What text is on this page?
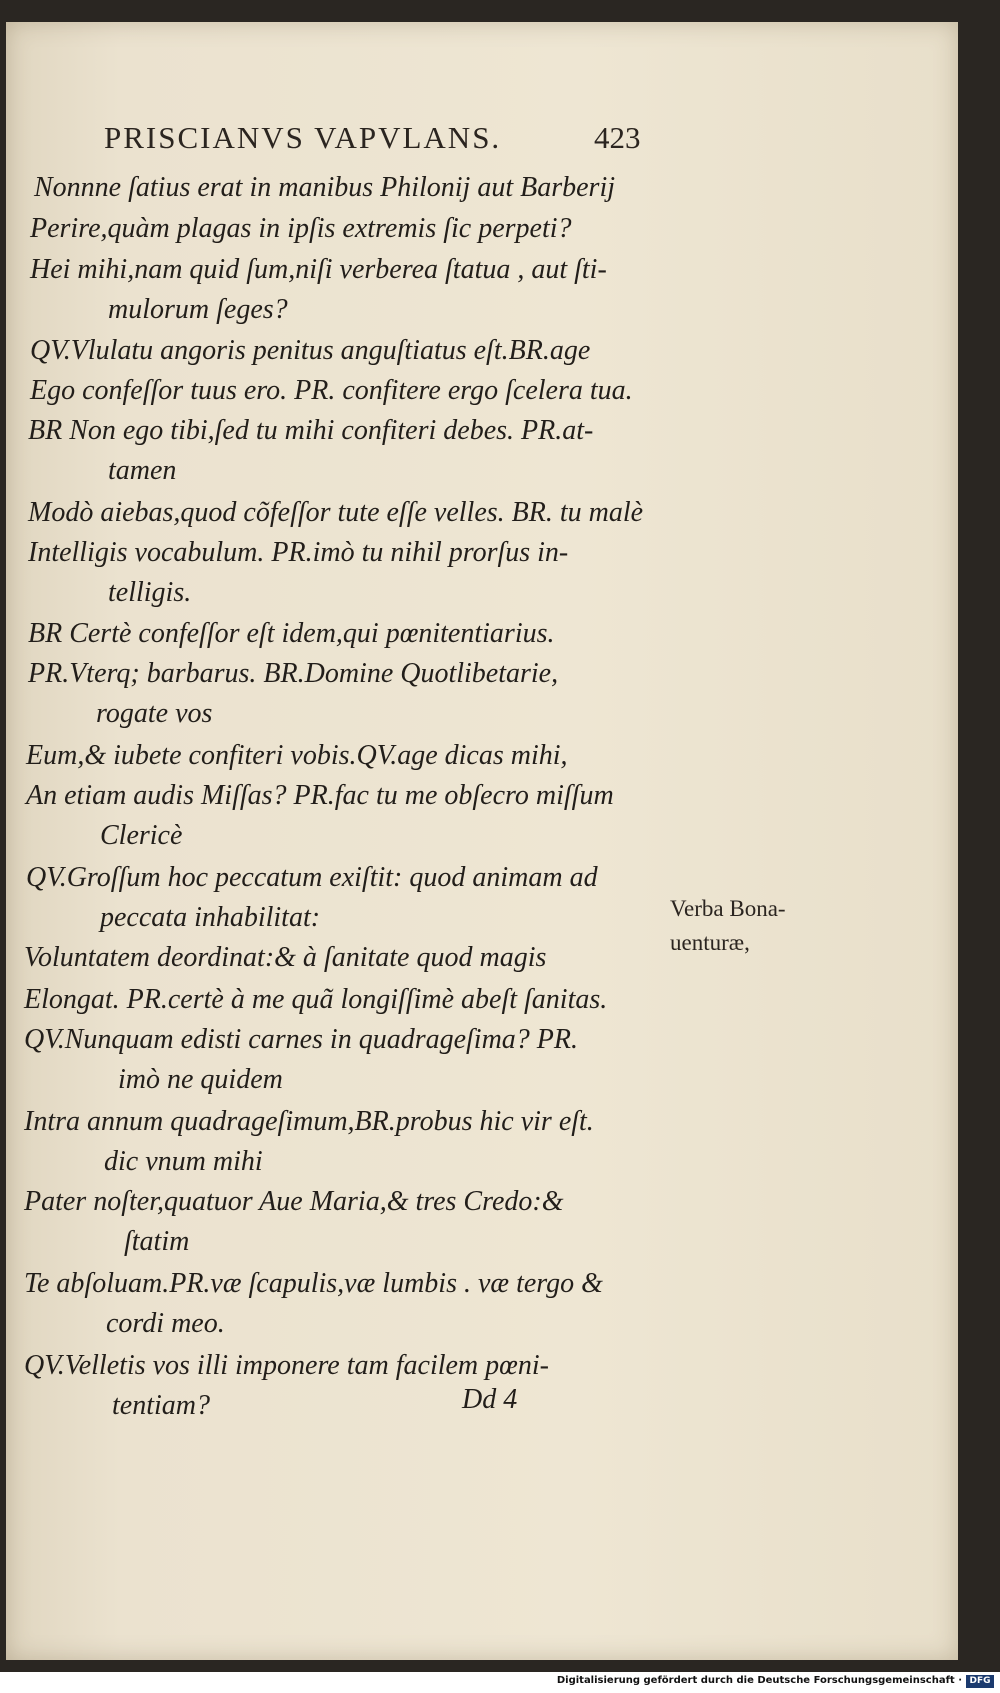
PRISCIANVS VAPVLANS.	423
Nonnne ſatius erat in manibus Philonij aut Barberij
Perire,quàm plagas in ipſis extremis ſic perpeti?
Hei mihi,nam quid ſum,niſi verberea ſtatua , aut ſti-
mulorum ſeges?
QV.Vlulatu angoris penitus anguſtiatus eſt.BR.age
Ego confeſſor tuus ero. PR. confitere ergo ſcelera tua.
BR Non ego tibi,ſed tu mihi confiteri debes. PR.at-
tamen
Modò aiebas,quod cõfeſſor tute eſſe velles. BR. tu malè
Intelligis vocabulum. PR.imò tu nihil prorſus in-
telligis.
BR Certè confeſſor eſt idem,qui pœnitentiarius.
PR.Vterq; barbarus. BR.Domine Quotlibetarie,
rogate vos
Eum,& iubete confiteri vobis.QV.age dicas mihi,
An etiam audis Miſſas? PR.fac tu me obſecro miſſum
Clericè
QV.Groſſum hoc peccatum exiſtit: quod animam ad
peccata inhabilitat:
Voluntatem deordinat:& à ſanitate quod magis
Elongat. PR.certè à me quã longiſſimè abeſt ſanitas.
QV.Nunquam edisti carnes in quadrageſima? PR.
imò ne quidem
Intra annum quadrageſimum,BR.probus hic vir eſt.
dic vnum mihi
Pater noſter,quatuor Aue Maria,& tres Credo:&
ſtatim
Te abſoluam.PR.væ ſcapulis,væ lumbis . væ tergo &
cordi meo.
QV.Velletis vos illi imponere tam facilem pœni-
tentiam?
Verba Bona-
uenturæ,
Dd 4
Digitalisierung gefördert durch die Deutsche Forschungsgemeinschaft · DFG
